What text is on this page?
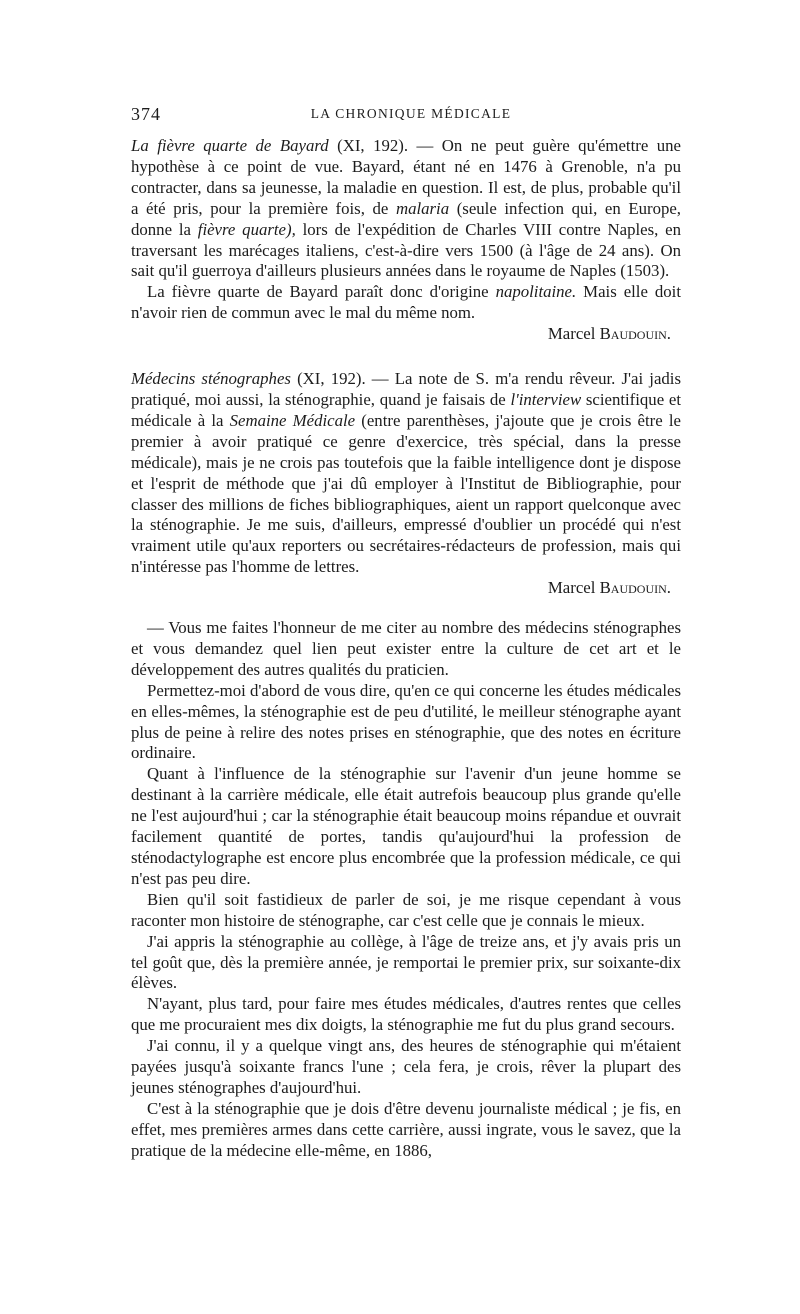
374	LA CHRONIQUE MÉDICALE

La fièvre quarte de Bayard (XI, 192). — On ne peut guère qu'émettre une hypothèse à ce point de vue. Bayard, étant né en 1476 à Grenoble, n'a pu contracter, dans sa jeunesse, la maladie en question. Il est, de plus, probable qu'il a été pris, pour la première fois, de malaria (seule infection qui, en Europe, donne la fièvre quarte), lors de l'expédition de Charles VIII contre Naples, en traversant les marécages italiens, c'est-à-dire vers 1500 (à l'âge de 24 ans). On sait qu'il guerroya d'ailleurs plusieurs années dans le royaume de Naples (1503).

La fièvre quarte de Bayard paraît donc d'origine napolitaine. Mais elle doit n'avoir rien de commun avec le mal du même nom.

Marcel Baudouin.

Médecins sténographes (XI, 192). — La note de S. m'a rendu rêveur. J'ai jadis pratiqué, moi aussi, la sténographie, quand je faisais de l'interview scientifique et médicale à la Semaine Médicale (entre parenthèses, j'ajoute que je crois être le premier à avoir pratiqué ce genre d'exercice, très spécial, dans la presse médicale), mais je ne crois pas toutefois que la faible intelligence dont je dispose et l'esprit de méthode que j'ai dû employer à l'Institut de Bibliographie, pour classer des millions de fiches bibliographiques, aient un rapport quelconque avec la sténographie. Je me suis, d'ailleurs, empressé d'oublier un procédé qui n'est vraiment utile qu'aux reporters ou secrétaires-rédacteurs de profession, mais qui n'intéresse pas l'homme de lettres.

Marcel Baudouin.

— Vous me faites l'honneur de me citer au nombre des médecins sténographes et vous demandez quel lien peut exister entre la culture de cet art et le développement des autres qualités du praticien.

Permettez-moi d'abord de vous dire, qu'en ce qui concerne les études médicales en elles-mêmes, la sténographie est de peu d'utilité, le meilleur sténographe ayant plus de peine à relire des notes prises en sténographie, que des notes en écriture ordinaire.

Quant à l'influence de la sténographie sur l'avenir d'un jeune homme se destinant à la carrière médicale, elle était autrefois beaucoup plus grande qu'elle ne l'est aujourd'hui ; car la sténographie était beaucoup moins répandue et ouvrait facilement quantité de portes, tandis qu'aujourd'hui la profession de sténodactylographe est encore plus encombrée que la profession médicale, ce qui n'est pas peu dire.

Bien qu'il soit fastidieux de parler de soi, je me risque cependant à vous raconter mon histoire de sténographe, car c'est celle que je connais le mieux.

J'ai appris la sténographie au collège, à l'âge de treize ans, et j'y avais pris un tel goût que, dès la première année, je remportai le premier prix, sur soixante-dix élèves.

N'ayant, plus tard, pour faire mes études médicales, d'autres rentes que celles que me procuraient mes dix doigts, la sténographie me fut du plus grand secours.

J'ai connu, il y a quelque vingt ans, des heures de sténographie qui m'étaient payées jusqu'à soixante francs l'une ; cela fera, je crois, rêver la plupart des jeunes sténographes d'aujourd'hui.

C'est à la sténographie que je dois d'être devenu journaliste médical ; je fis, en effet, mes premières armes dans cette carrière, aussi ingrate, vous le savez, que la pratique de la médecine elle-même, en 1886,
